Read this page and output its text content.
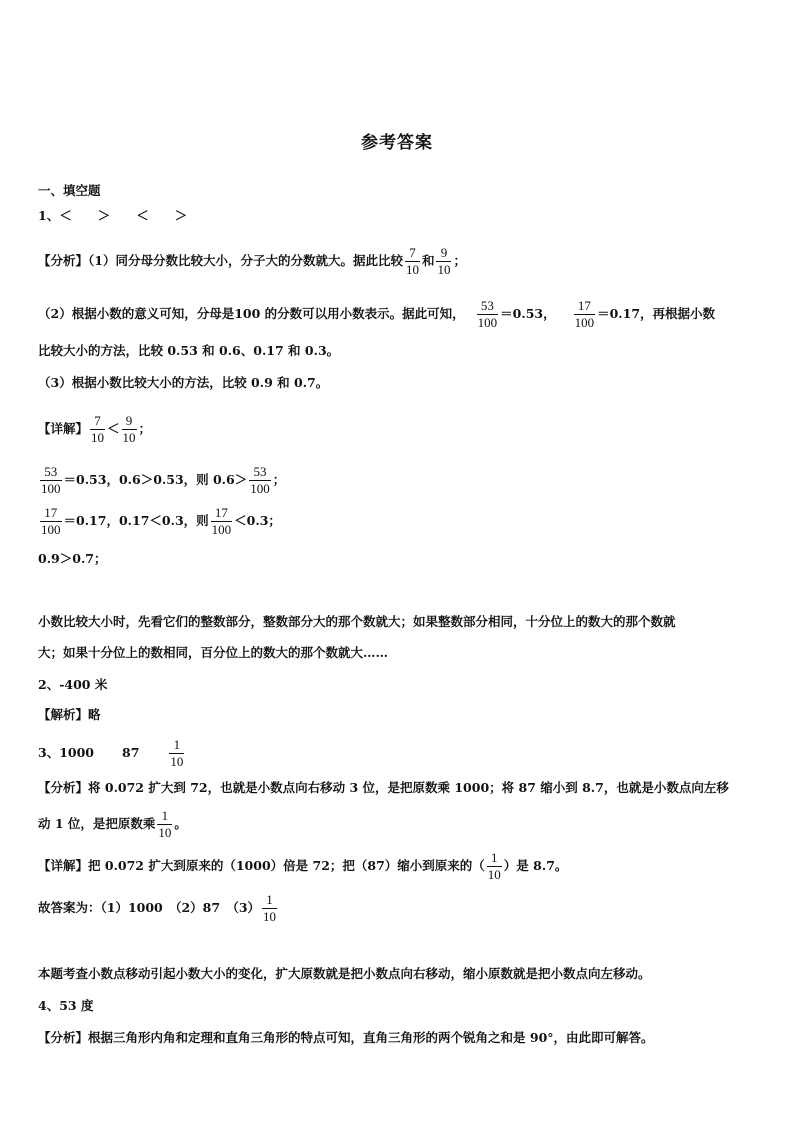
参考答案
一、填空题
1、＜ ＞ ＜ ＞
【分析】（1）同分母分数比较大小，分子大的分数就大。据此比较 $\frac{7}{10}$ 和 $\frac{9}{10}$ ；
（2）根据小数的意义可知，分母是100 的分数可以用小数表示。据此可知， $\frac{53}{100} =0.53$， $\frac{17}{100} =0.17$，再根据小数
比较大小的方法，比较 0.53 和 0.6、0.17 和 0.3。
（3）根据小数比较大小的方法，比较 0.9 和 0.7。
【详解】 $\frac{7}{10} < \frac{9}{10}$ ；
$\frac{53}{100} =0.53$，0.6＞0.53，则 $0.6> \frac{53}{100}$ ；
$\frac{17}{100} =0.17$，0.17＜0.3，则 $\frac{17}{100} <0.3$；
0.9＞0.7；
小数比较大小时，先看它们的整数部分，整数部分大的那个数就大；如果整数部分相同，十分位上的数大的那个数就
大；如果十分位上的数相同，百分位上的数大的那个数就大……
2、-400 米
【解析】略
3、1000 $87 \frac{1}{10}$
【分析】将 0.072 扩大到 72，也就是小数点向右移动 3 位，是把原数乘 1000；将 87 缩小到 8.7，也就是小数点向左移
动 1 位，是把原数乘 $\frac{1}{10}$ 。
【详解】把 0.072 扩大到原来的（1000）倍是 72；把（87）缩小到原来的（ $\frac{1}{10}$ ）是 8.7。
故答案为：（1）1000　（2）87　$(3) \frac{1}{10}$
本题考查小数点移动引起小数大小的变化，扩大原数就是把小数点向右移动，缩小原数就是把小数点向左移动。
4、53 度
【分析】根据三角形内角和定理和直角三角形的特点可知，直角三角形的两个锐角之和是 90°，由此即可解答。
